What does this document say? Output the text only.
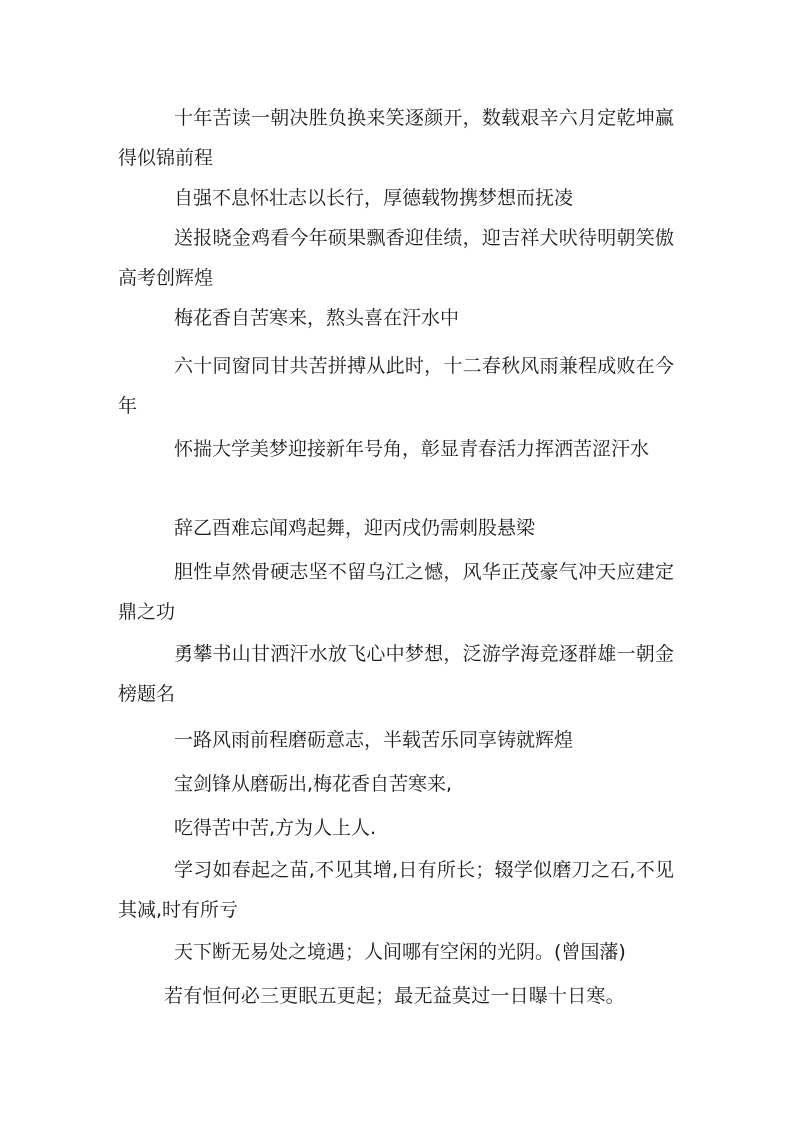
十年苦读一朝决胜负换来笑逐颜开，数载艰辛六月定乾坤赢得似锦前程

自强不息怀壮志以长行，厚德载物携梦想而抚凌

送报晓金鸡看今年硕果飘香迎佳绩，迎吉祥犬吠待明朝笑傲高考创辉煌

梅花香自苦寒来，熬头喜在汗水中

六十同窗同甘共苦拼搏从此时，十二春秋风雨兼程成败在今年

怀揣大学美梦迎接新年号角，彰显青春活力挥洒苦涩汗水

辞乙酉难忘闻鸡起舞，迎丙戌仍需刺股悬梁

胆性卓然骨硬志坚不留乌江之憾，风华正茂豪气冲天应建定鼎之功

勇攀书山甘洒汗水放飞心中梦想，泛游学海竞逐群雄一朝金榜题名

一路风雨前程磨砺意志，半载苦乐同享铸就辉煌

宝剑锋从磨砺出,梅花香自苦寒来,

吃得苦中苦,方为人上人.

学习如春起之苗,不见其增,日有所长；辍学似磨刀之石,不见其减,时有所亏

天下断无易处之境遇；人间哪有空闲的光阴。(曾国藩)

若有恒何必三更眠五更起；最无益莫过一日曝十日寒。
